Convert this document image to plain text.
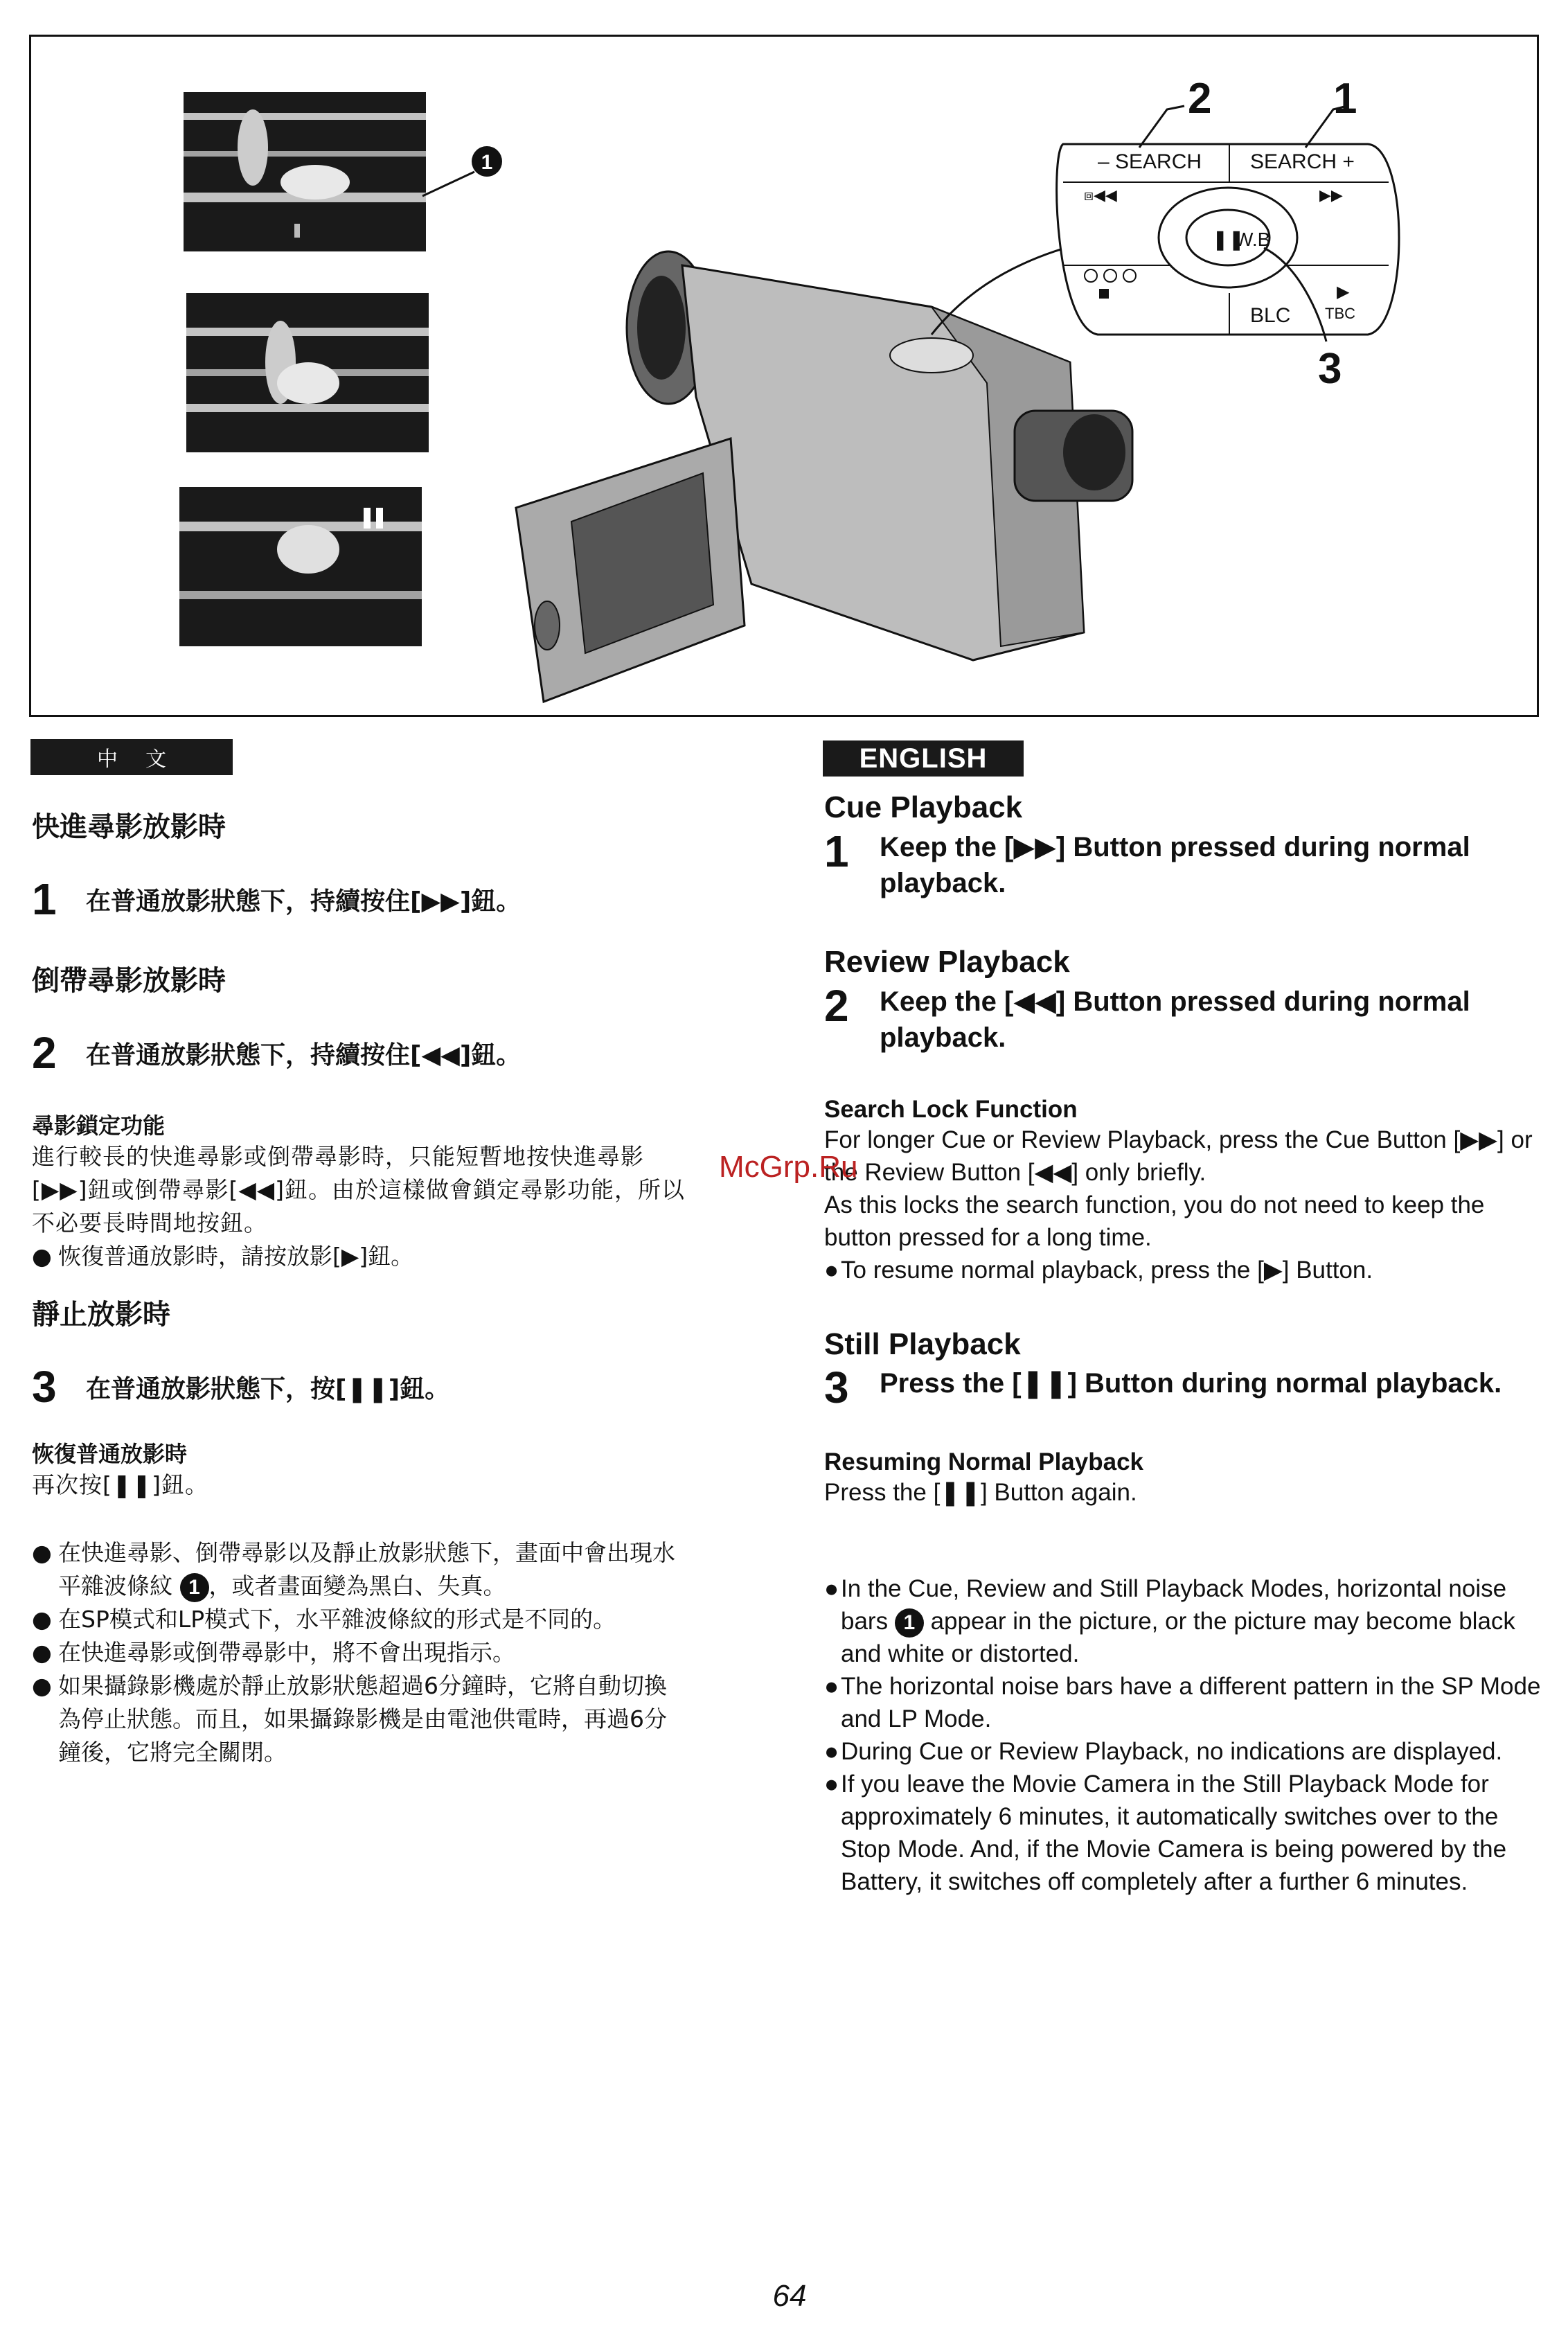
1	– SEARCH SEARCH +
⧈◀◀	▶▶
❚❚
W.B
▶
TBC
BLC
2	1
3
中文	ENGLISH

快進尋影放影時

1	在普通放影狀態下，持續按住[▶▶]鈕。

倒帶尋影放影時

2	在普通放影狀態下，持續按住[◀◀]鈕。

尋影鎖定功能

進行較長的快進尋影或倒帶尋影時，只能短暫地按快進尋影

[▶▶]鈕或倒帶尋影[◀◀]鈕。由於這樣做會鎖定尋影功能，所以

不必要長時間地按鈕。

● 恢復普通放影時，請按放影[▶]鈕。

靜止放影時

3	在普通放影狀態下，按[❚❚]鈕。

恢復普通放影時

再次按[❚❚]鈕。

● 在快進尋影、倒帶尋影以及靜止放影狀態下，畫面中會出現水
平雜波條紋 1 ，或者畫面變為黑白、失真。
● 在SP模式和LP模式下，水平雜波條紋的形式是不同的。
● 在快進尋影或倒帶尋影中，將不會出現指示。
● 如果攝錄影機處於靜止放影狀態超過6分鐘時，它將自動切換
為停止狀態。而且，如果攝錄影機是由電池供電時，再過6分
鐘後，它將完全關閉。

Cue Playback

1	Keep the [▶▶] Button pressed during normal playback.

Review Playback

2	Keep the [◀◀] Button pressed during normal playback.

Search Lock Function

For longer Cue or Review Playback, press the Cue Button [▶▶] or the Review Button [◀◀] only briefly.

As this locks the search function, you do not need to keep the button pressed for a long time.

● To resume normal playback, press the [▶] Button.

Still Playback

3	Press the [❚❚] Button during normal playback.

Resuming Normal Playback

Press the [❚❚] Button again.

● In the Cue, Review and Still Playback Modes, horizontal noise bars 1 appear in the picture, or the picture may become black and white or distorted.
● The horizontal noise bars have a different pattern in the SP Mode and LP Mode.
● During Cue or Review Playback, no indications are displayed.
● If you leave the Movie Camera in the Still Playback Mode for approximately 6 minutes, it automatically switches over to the Stop Mode. And, if the Movie Camera is being powered by the Battery, it switches off completely after a further 6 minutes.
McGrp.Ru
64
